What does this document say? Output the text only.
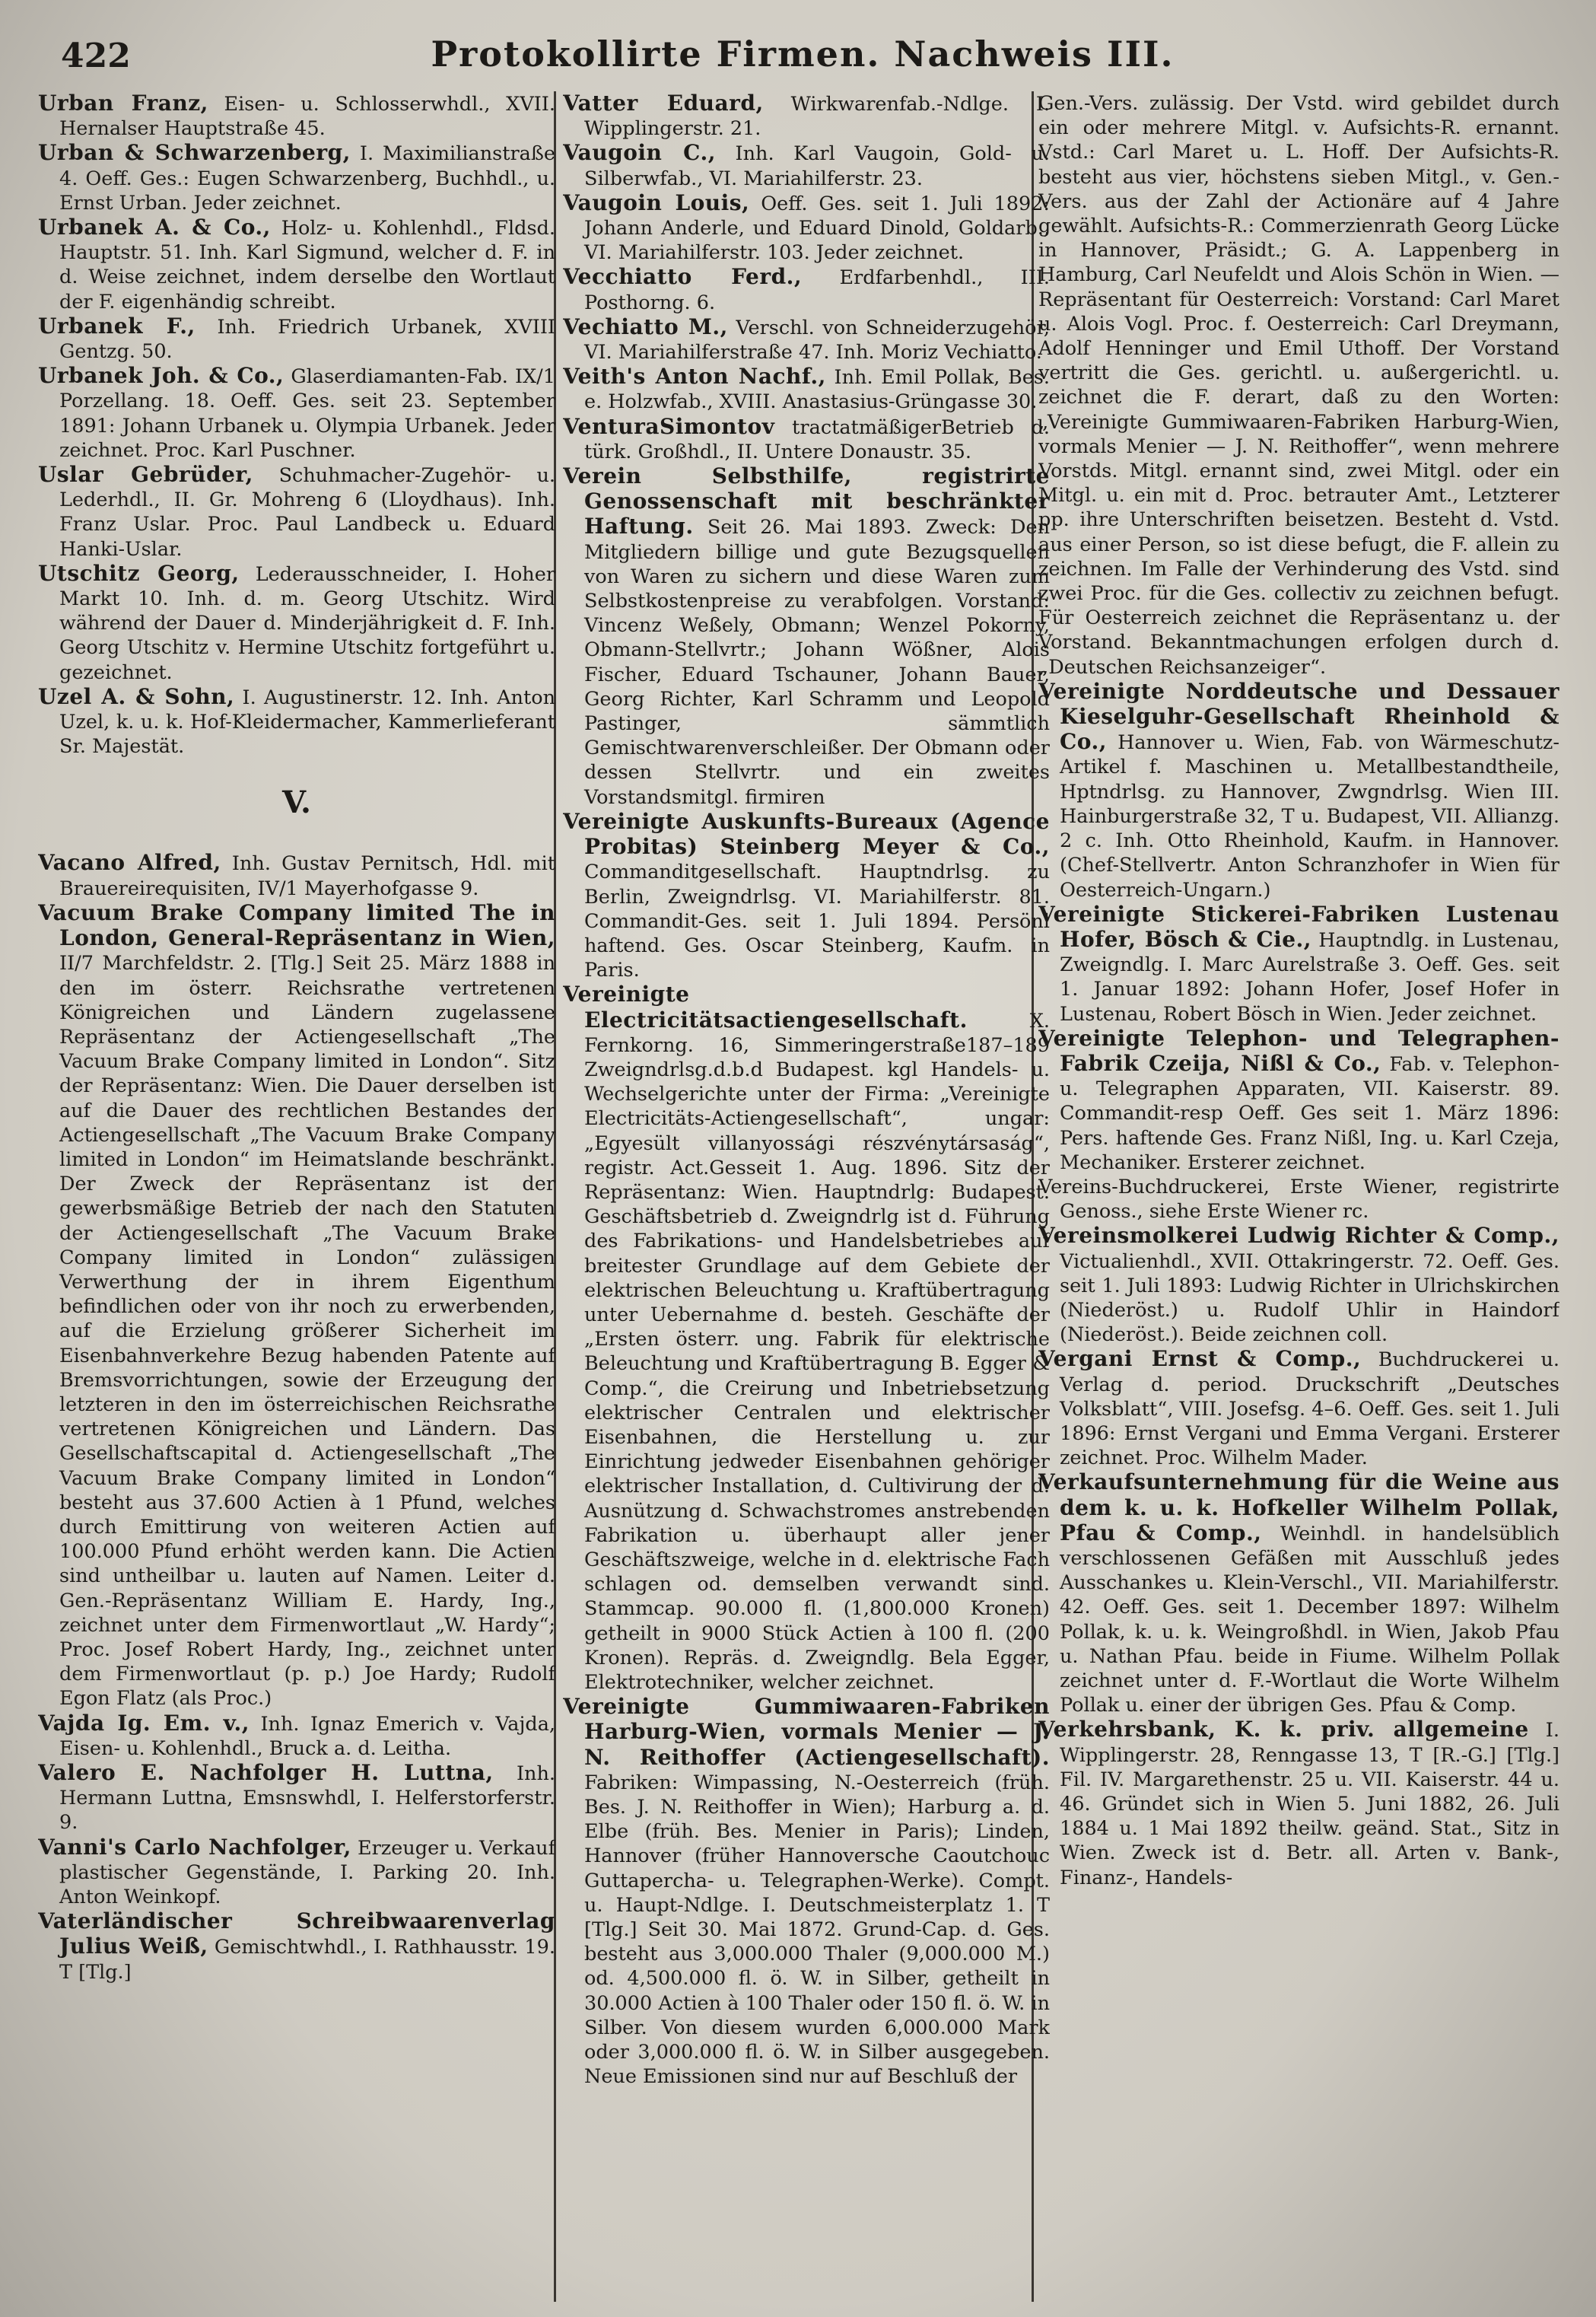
422	Protokollirte Firmen. Nachweis III.

Urban Franz, Eisen- u. Schlosserwhdl., XVII. Hernalser Hauptstraße 45.

Urban & Schwarzenberg, I. Maximilianstraße 4. Oeff. Ges.: Eugen Schwarzenberg, Buchhdl., u. Ernst Urban. Jeder zeichnet.

Urbanek A. & Co., Holz- u. Kohlenhdl., Fldsd. Hauptstr. 51. Inh. Karl Sigmund, welcher d. F. in d. Weise zeichnet, indem derselbe den Wortlaut der F. eigenhändig schreibt.

Urbanek F., Inh. Friedrich Urbanek, XVIII Gentzg. 50.

Urbanek Joh. & Co., Glaserdiamanten-Fab. IX/1 Porzellang. 18. Oeff. Ges. seit 23. September 1891: Johann Urbanek u. Olympia Urbanek. Jeder zeichnet. Proc. Karl Puschner.

Uslar Gebrüder, Schuhmacher-Zugehör- u. Lederhdl., II. Gr. Mohreng 6 (Lloydhaus). Inh. Franz Uslar. Proc. Paul Landbeck u. Eduard Hanki-Uslar.

Utschitz Georg, Lederausschneider, I. Hoher Markt 10. Inh. d. m. Georg Utschitz. Wird während der Dauer d. Minderjährigkeit d. F. Inh. Georg Utschitz v. Hermine Utschitz fortgeführt u. gezeichnet.

Uzel A. & Sohn, I. Augustinerstr. 12. Inh. Anton Uzel, k. u. k. Hof-Kleidermacher, Kammerlieferant Sr. Majestät.

V.

Vacano Alfred, Inh. Gustav Pernitsch, Hdl. mit Brauereirequisiten, IV/1 Mayerhofgasse 9.

Vacuum Brake Company limited The in London, General-Repräsentanz in Wien, II/7 Marchfeldstr. 2. [Tlg.] Seit 25. März 1888 in den im österr. Reichsrathe vertretenen Königreichen und Ländern zugelassene Repräsentanz der Actiengesellschaft „The Vacuum Brake Company limited in London“. Sitz der Repräsentanz: Wien. Die Dauer derselben ist auf die Dauer des rechtlichen Bestandes der Actiengesellschaft „The Vacuum Brake Company limited in London“ im Heimatslande beschränkt. Der Zweck der Repräsentanz ist der gewerbsmäßige Betrieb der nach den Statuten der Actiengesellschaft „The Vacuum Brake Company limited in London“ zulässigen Verwerthung der in ihrem Eigenthum befindlichen oder von ihr noch zu erwerbenden, auf die Erzielung größerer Sicherheit im Eisenbahnverkehre Bezug habenden Patente auf Bremsvorrichtungen, sowie der Erzeugung der letzteren in den im österreichischen Reichsrathe vertretenen Königreichen und Ländern. Das Gesellschaftscapital d. Actiengesellschaft „The Vacuum Brake Company limited in London“ besteht aus 37.600 Actien à 1 Pfund, welches durch Emittirung von weiteren Actien auf 100.000 Pfund erhöht werden kann. Die Actien sind untheilbar u. lauten auf Namen. Leiter d. Gen.-Repräsentanz William E. Hardy, Ing., zeichnet unter dem Firmenwortlaut „W. Hardy“; Proc. Josef Robert Hardy, Ing., zeichnet unter dem Firmenwortlaut (p. p.) Joe Hardy; Rudolf Egon Flatz (als Proc.)

Vajda Ig. Em. v., Inh. Ignaz Emerich v. Vajda, Eisen- u. Kohlenhdl., Bruck a. d. Leitha.

Valero E. Nachfolger H. Luttna, Inh. Hermann Luttna, Emsnswhdl, I. Helferstorferstr. 9.

Vanni's Carlo Nachfolger, Erzeuger u. Verkauf plastischer Gegenstände, I. Parking 20. Inh. Anton Weinkopf.

Vaterländischer Schreibwaarenverlag Julius Weiß, Gemischtwhdl., I. Rathhausstr. 19. T [Tlg.]

Vatter Eduard, Wirkwarenfab.-Ndlge. I. Wipplingerstr. 21.

Vaugoin C., Inh. Karl Vaugoin, Gold- u. Silberwfab., VI. Mariahilferstr. 23.

Vaugoin Louis, Oeff. Ges. seit 1. Juli 1892: Johann Anderle, und Eduard Dinold, Goldarb., VI. Mariahilferstr. 103. Jeder zeichnet.

Vecchiatto Ferd., Erdfarbenhdl., III. Posthorng. 6.

Vechiatto M., Verschl. von Schneiderzugehör, VI. Mariahilferstraße 47. Inh. Moriz Vechiatto.

Veith's Anton Nachf., Inh. Emil Pollak, Bes. e. Holzwfab., XVIII. Anastasius-Grüngasse 30.

VenturaSimontov tractatmäßigerBetrieb d. türk. Großhdl., II. Untere Donaustr. 35.

Verein Selbsthilfe, registrirte Genossenschaft mit beschränkter Haftung. Seit 26. Mai 1893. Zweck: Den Mitgliedern billige und gute Bezugsquellen von Waren zu sichern und diese Waren zum Selbstkostenpreise zu verabfolgen. Vorstand: Vincenz Weßely, Obmann; Wenzel Pokorny, Obmann-Stellvrtr.; Johann Wößner, Alois Fischer, Eduard Tschauner, Johann Bauer, Georg Richter, Karl Schramm und Leopold Pastinger, sämmtlich Gemischtwarenverschleißer. Der Obmann oder dessen Stellvrtr. und ein zweites Vorstandsmitgl. firmiren

Vereinigte Auskunfts-Bureaux (Agence Probitas) Steinberg Meyer & Co., Commanditgesellschaft. Hauptndrlsg. zu Berlin, Zweigndrlsg. VI. Mariahilferstr. 81. Commandit-Ges. seit 1. Juli 1894. Persönl haftend. Ges. Oscar Steinberg, Kaufm. in Paris.

Vereinigte Electricitätsactiengesellschaft. X. Fernkorng. 16, Simmeringerstraße187–189 Zweigndrlsg.d.b.d Budapest. kgl Handels- u. Wechselgerichte unter der Firma: „Vereinigte Electricitäts-Actiengesellschaft“, ungar: „Egyesült villanyossági részvénytársaság“, registr. Act.Gesseit 1. Aug. 1896. Sitz der Repräsentanz: Wien. Hauptndrlg: Budapest. Geschäftsbetrieb d. Zweigndrlg ist d. Führung des Fabrikations- und Handelsbetriebes auf breitester Grundlage auf dem Gebiete der elektrischen Beleuchtung u. Kraftübertragung unter Uebernahme d. besteh. Geschäfte der „Ersten österr. ung. Fabrik für elektrische Beleuchtung und Kraftübertragung B. Egger & Comp.“, die Creirung und Inbetriebsetzung elektrischer Centralen und elektrischer Eisenbahnen, die Herstellung u. zur Einrichtung jedweder Eisenbahnen gehöriger elektrischer Installation, d. Cultivirung der d. Ausnützung d. Schwachstromes anstrebenden Fabrikation u. überhaupt aller jener Geschäftszweige, welche in d. elektrische Fach schlagen od. demselben verwandt sind. Stammcap. 90.000 fl. (1,800.000 Kronen) getheilt in 9000 Stück Actien à 100 fl. (200 Kronen). Repräs. d. Zweigndlg. Bela Egger, Elektrotechniker, welcher zeichnet.

Vereinigte Gummiwaaren-Fabriken Harburg-Wien, vormals Menier — J. N. Reithoffer (Actiengesellschaft). Fabriken: Wimpassing, N.-Oesterreich (früh. Bes. J. N. Reithoffer in Wien); Harburg a. d. Elbe (früh. Bes. Menier in Paris); Linden, Hannover (früher Hannoversche Caoutchouc Guttapercha- u. Telegraphen-Werke). Compt. u. Haupt-Ndlge. I. Deutschmeisterplatz 1. T [Tlg.] Seit 30. Mai 1872. Grund-Cap. d. Ges. besteht aus 3,000.000 Thaler (9,000.000 M.) od. 4,500.000 fl. ö. W. in Silber, getheilt in 30.000 Actien à 100 Thaler oder 150 fl. ö. W. in Silber. Von diesem wurden 6,000.000 Mark oder 3,000.000 fl. ö. W. in Silber ausgegeben. Neue Emissionen sind nur auf Beschluß der

Gen.-Vers. zulässig. Der Vstd. wird gebildet durch ein oder mehrere Mitgl. v. Aufsichts-R. ernannt. Vstd.: Carl Maret u. L. Hoff. Der Aufsichts-R. besteht aus vier, höchstens sieben Mitgl., v. Gen.-Vers. aus der Zahl der Actionäre auf 4 Jahre gewählt. Aufsichts-R.: Commerzienrath Georg Lücke in Hannover, Präsidt.; G. A. Lappenberg in Hamburg, Carl Neufeldt und Alois Schön in Wien. — Repräsentant für Oesterreich: Vorstand: Carl Maret u. Alois Vogl. Proc. f. Oesterreich: Carl Dreymann, Adolf Henninger und Emil Uthoff. Der Vorstand vertritt die Ges. gerichtl. u. außergerichtl. u. zeichnet die F. derart, daß zu den Worten: „Vereinigte Gummiwaaren-Fabriken Harburg-Wien, vormals Menier — J. N. Reithoffer“, wenn mehrere Vorstds. Mitgl. ernannt sind, zwei Mitgl. oder ein Mitgl. u. ein mit d. Proc. betrauter Amt., Letzterer pp. ihre Unterschriften beisetzen. Besteht d. Vstd. aus einer Person, so ist diese befugt, die F. allein zu zeichnen. Im Falle der Verhinderung des Vstd. sind zwei Proc. für die Ges. collectiv zu zeichnen befugt. Für Oesterreich zeichnet die Repräsentanz u. der Vorstand. Bekanntmachungen erfolgen durch d. „Deutschen Reichsanzeiger“.

Vereinigte Norddeutsche und Dessauer Kieselguhr-Gesellschaft Rheinhold & Co., Hannover u. Wien, Fab. von Wärmeschutz-Artikel f. Maschinen u. Metallbestandtheile, Hptndrlsg. zu Hannover, Zwgndrlsg. Wien III. Hainburgerstraße 32, T u. Budapest, VII. Allianzg. 2 c. Inh. Otto Rheinhold, Kaufm. in Hannover. (Chef-Stellvertr. Anton Schranzhofer in Wien für Oesterreich-Ungarn.)

Vereinigte Stickerei-Fabriken Lustenau Hofer, Bösch & Cie., Hauptndlg. in Lustenau, Zweigndlg. I. Marc Aurelstraße 3. Oeff. Ges. seit 1. Januar 1892: Johann Hofer, Josef Hofer in Lustenau, Robert Bösch in Wien. Jeder zeichnet.

Vereinigte Telephon- und Telegraphen-Fabrik Czeija, Nißl & Co., Fab. v. Telephon- u. Telegraphen Apparaten, VII. Kaiserstr. 89. Commandit-resp Oeff. Ges seit 1. März 1896: Pers. haftende Ges. Franz Nißl, Ing. u. Karl Czeja, Mechaniker. Ersterer zeichnet.

Vereins-Buchdruckerei, Erste Wiener, registrirte Genoss., siehe Erste Wiener rc.

Vereinsmolkerei Ludwig Richter & Comp., Victualienhdl., XVII. Ottakringerstr. 72. Oeff. Ges. seit 1. Juli 1893: Ludwig Richter in Ulrichskirchen (Niederöst.) u. Rudolf Uhlir in Haindorf (Niederöst.). Beide zeichnen coll.

Vergani Ernst & Comp., Buchdruckerei u. Verlag d. period. Druckschrift „Deutsches Volksblatt“, VIII. Josefsg. 4–6. Oeff. Ges. seit 1. Juli 1896: Ernst Vergani und Emma Vergani. Ersterer zeichnet. Proc. Wilhelm Mader.

Verkaufsunternehmung für die Weine aus dem k. u. k. Hofkeller Wilhelm Pollak, Pfau & Comp., Weinhdl. in handelsüblich verschlossenen Gefäßen mit Ausschluß jedes Ausschankes u. Klein-Verschl., VII. Mariahilferstr. 42. Oeff. Ges. seit 1. December 1897: Wilhelm Pollak, k. u. k. Weingroßhdl. in Wien, Jakob Pfau u. Nathan Pfau. beide in Fiume. Wilhelm Pollak zeichnet unter d. F.-Wortlaut die Worte Wilhelm Pollak u. einer der übrigen Ges. Pfau & Comp.

Verkehrsbank, K. k. priv. allgemeine I. Wipplingerstr. 28, Renngasse 13, T [R.-G.] [Tlg.] Fil. IV. Margarethenstr. 25 u. VII. Kaiserstr. 44 u. 46. Gründet sich in Wien 5. Juni 1882, 26. Juli 1884 u. 1 Mai 1892 theilw. geänd. Stat., Sitz in Wien. Zweck ist d. Betr. all. Arten v. Bank-, Finanz-, Handels-
